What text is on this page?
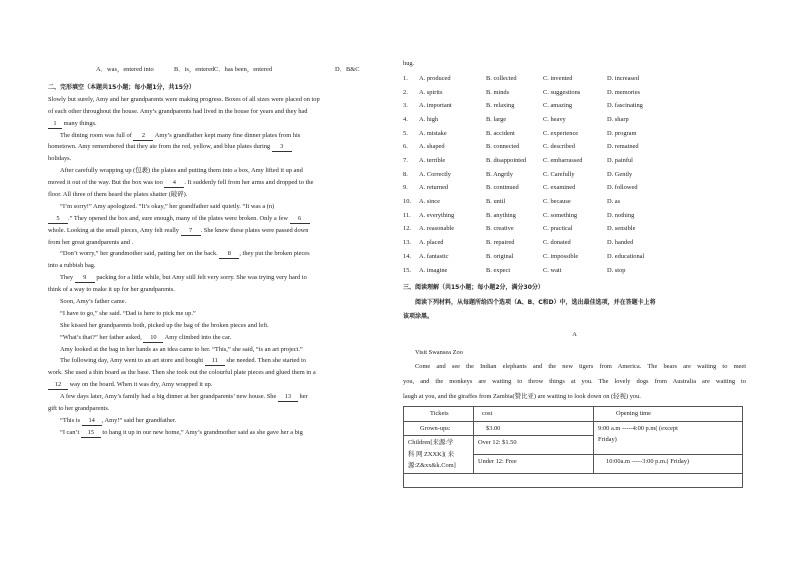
A．was，entered into	B．is，entered C．has been，entered	D．B&C
二、完形填空（本题共15小题；每小题1分，共15分）
Slowly but surely, Amy and her grandparents were making progress. Boxes of all sizes were placed on top
of each other throughout the house. Amy’s grandparents had lived in the house for years and they had
1 many things.
The dining room was full of 2 Amy’s grandfather kept many fine dinner plates from his
hometown. Amy remembered that they ate from the red, yellow, and blue plates during 3
holidays.
After carefully wrapping up (包裹) the plates and putting them into a box, Amy lifted it up and
moved it out of the way. But the box was too 4 . It suddenly fell from her arms and dropped to the
floor. All three of them heard the plates shatter (破碎).
“I’m sorry!” Amy apologized. “It’s okay,” her grandfather said quietly. “It was a (n)
5 .” They opened the box and, sure enough, many of the plates were broken. Only a few 6
whole. Looking at the small pieces, Amy felt really 7 . She knew these plates were passed down
from her great grandparents and .
“Don’t worry,” her grandmother said, patting her on the back. 8 , they put the broken pieces
into a rubbish bag.
They 9 packing for a little while, but Amy still felt very sorry. She was trying very hard to
think of a way to make it up for her grandparents.
Soon, Amy’s father came.
“I have to go,” she said. “Dad is here to pick me up.”
She kissed her grandparents both, picked up the bag of the broken pieces and left.
“What’s that?” her father asked, 10 Amy climbed into the car.
Amy looked at the bag in her hands as an idea came to her. “This,” she said, “is an art project.”
The following day, Amy went to an art store and bought 11 she needed. Then she started to
work. She used a thin board as the base. Then she took out the colourful plate pieces and glued them in a
12 way on the board. When it was dry, Amy wrapped it up.
A few days later, Amy’s family had a big dinner at her grandparents’ new house. She 13 her
gift to her grandparents.
“This is 14 , Amy!” said her grandfather.
“I can’t 15 to hang it up in our new home,” Amy’s grandmother said as she gave her a big
hug.
1.	A. produced	B. collected	C. invented	D. increased
2.	A. spirits	B. minds	C. suggestions	D. memories
3.	A. important	B. relaxing	C. amazing	D. fascinating
4.	A. high	B. large	C. heavy	D. sharp
5.	A. mistake	B. accident	C. experience	D. program
6.	A. shaped	B. connected	C. described	D. remained
7.	A. terrible	B. disappointed	C. embarrassed	D. painful
8.	A. Correctly	B. Angrily	C. Carefully	D. Gently
9.	A. returned	B. continued	C. examined	D. followed
10.	A. since	B. until	C. because	D. as
11.	A. everything	B. anything	C. something	D. nothing
12.	A. reasonable	B. creative	C. practical	D. sensible
13.	A. placed	B. repaired	C. donated	D. handed
14.	A. fantastic	B. original	C. impossible	D. educational
15.	A. imagine	B. expect	C. wait	D. stop
三、阅读理解（共15小题；每小题2分，满分30分）
阅读下列材料，从每题所给四个选项（A、B、C和D）中，选出最佳选项，并在答题卡上将
该项涂黑。
A
Visit Swansea Zoo
Come and see the Indian elephants and the new tigers from America. The bears are waiting to meet
you, and the monkeys are waiting to throw things at you. The lovely dogs from Australia are waiting to
laugh at you, and the giraffes from Zambia(赞比亚) are waiting to look down on (轻视) you.
Tickets	cost	Opening time
Grown-ups:	$3.00	9:00 a.m -----4:00 p.m( (except
Friday)

Children[来源:学
科 网 ZXXK]( 来
源:Z&xx&k.Com]	Over 12: $1.50	
	Under 12: Free	10:00a.m -----3:00 p.m.( Friday)
